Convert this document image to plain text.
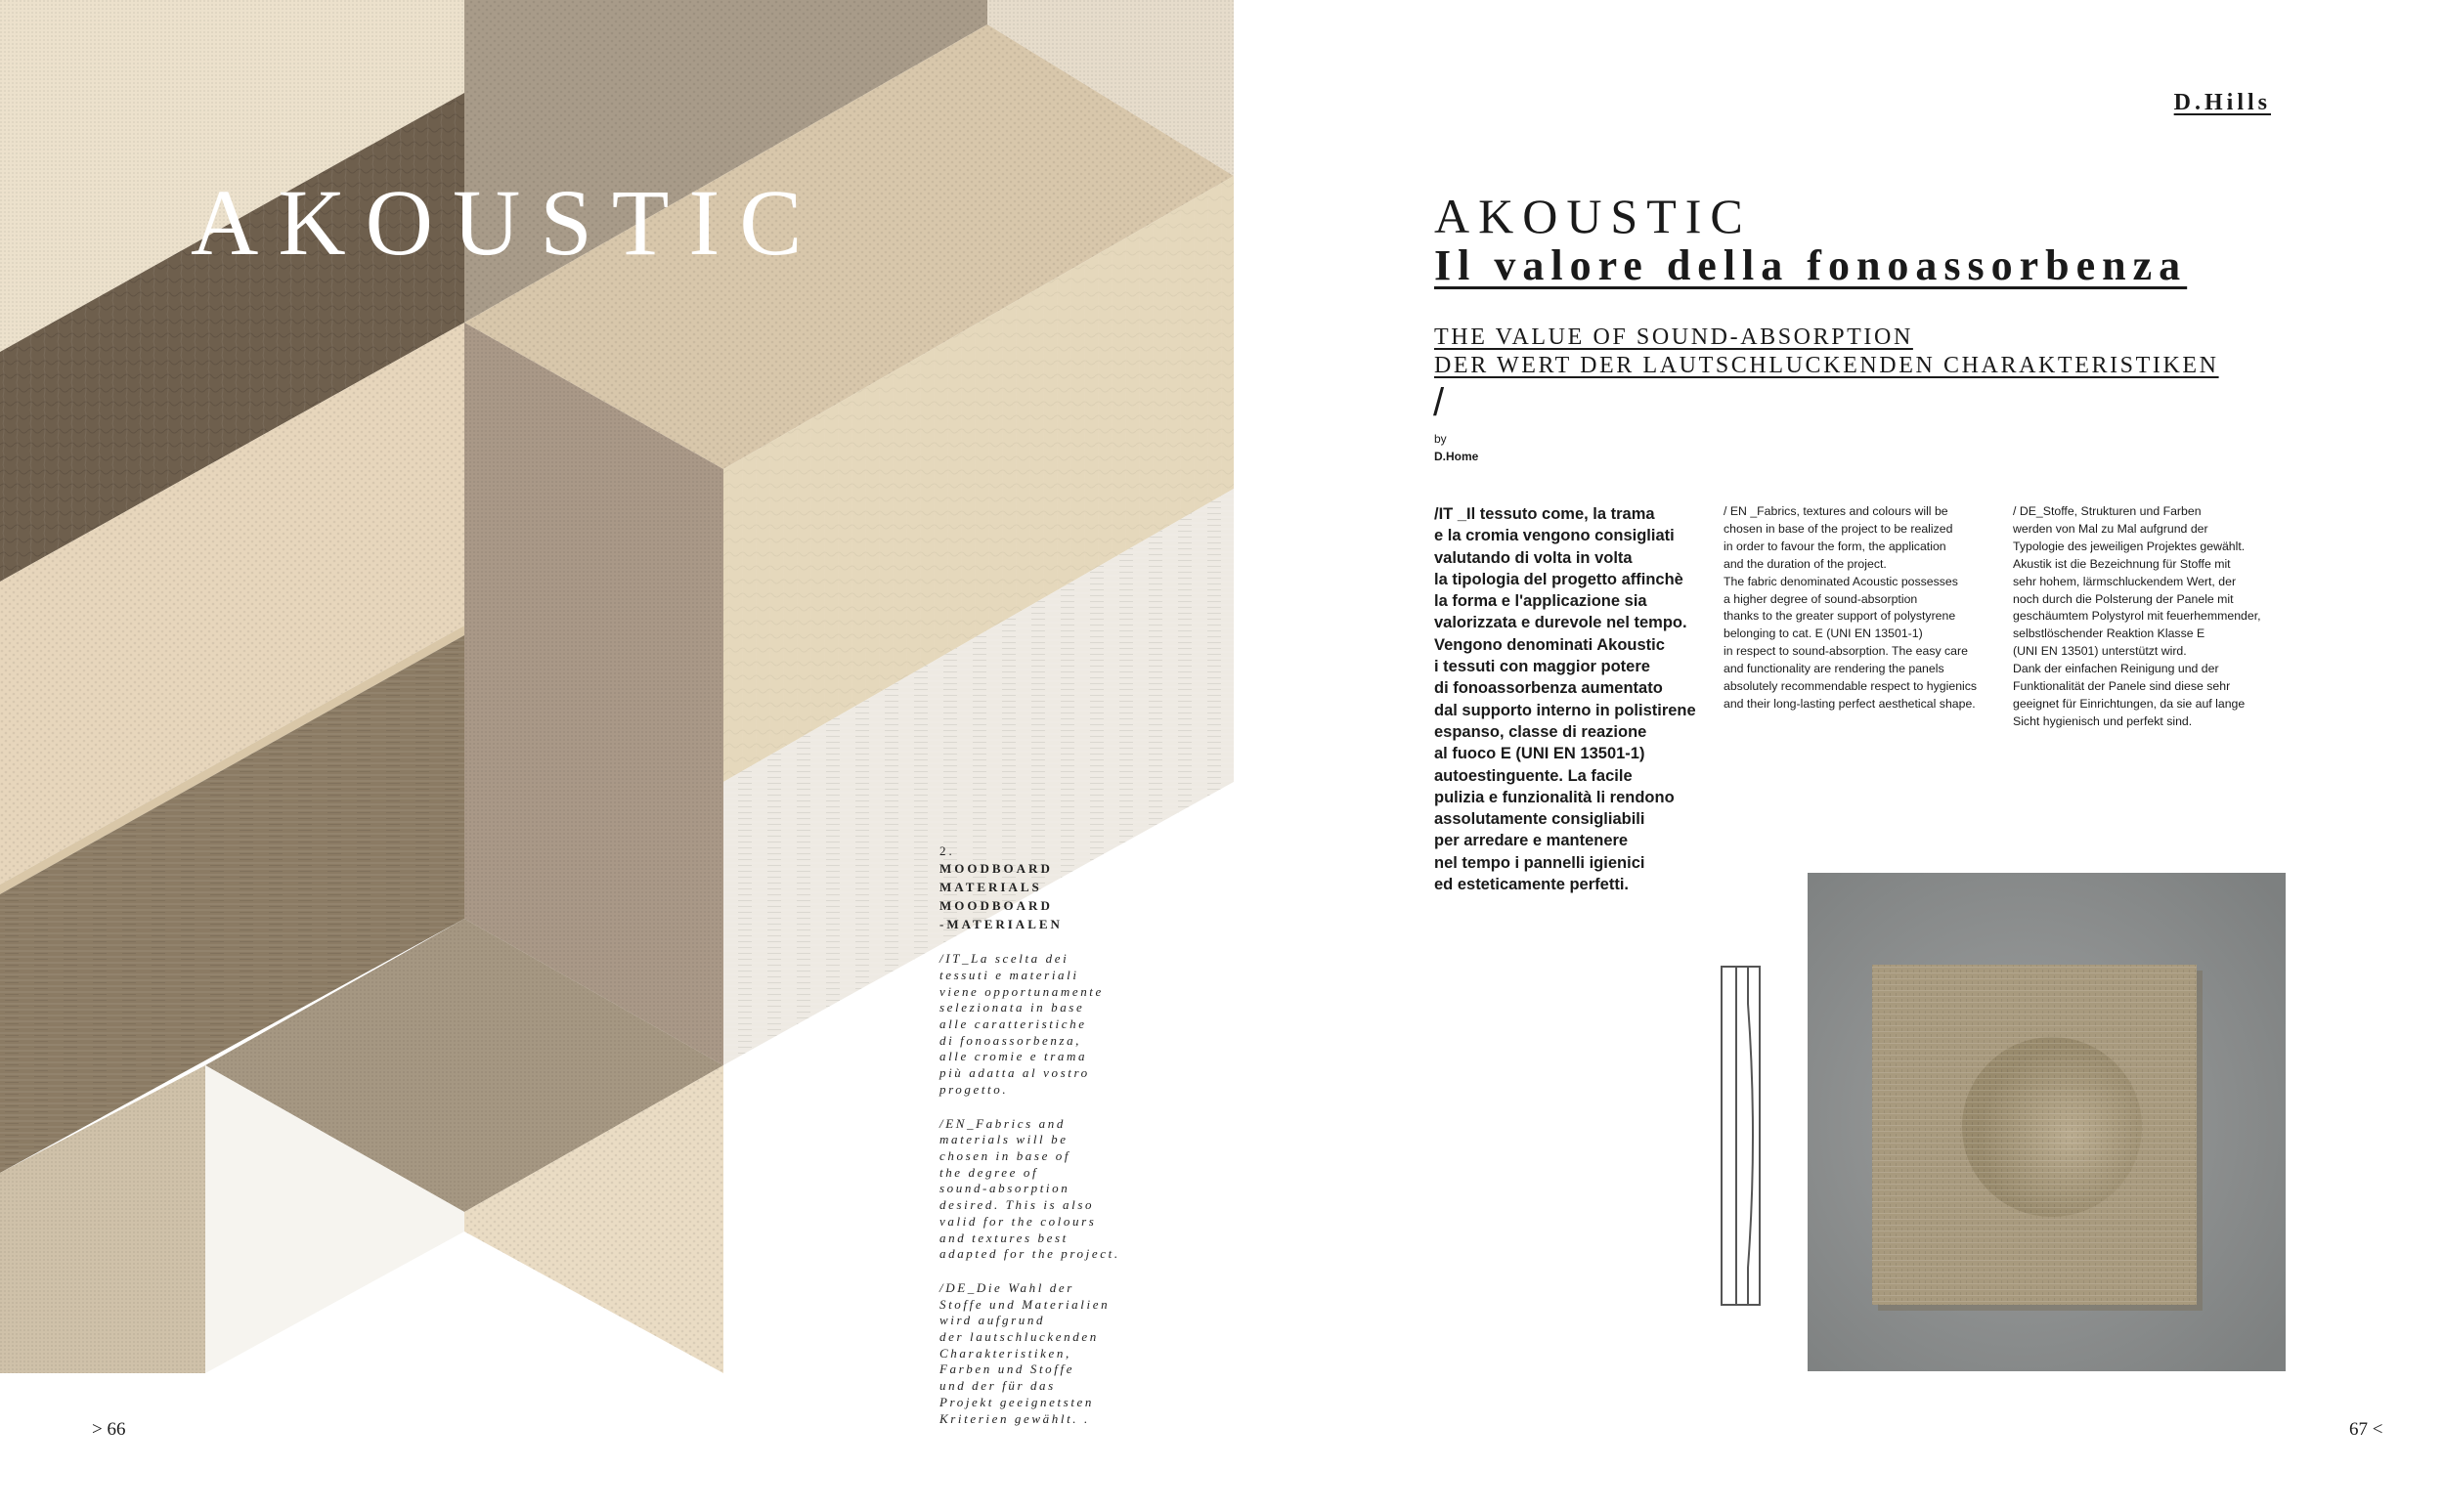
AKOUSTIC

2.

MOODBOARD
MATERIALS
MOODBOARD
-MATERIALEN

/IT_La scelta dei
tessuti e materiali
viene opportunamente
selezionata in base
alle caratteristiche
di fonoassorbenza,
alle cromie e trama
più adatta al vostro
progetto.

/EN_Fabrics and
materials will be
chosen in base of
the degree of
sound-absorption
desired. This is also
valid for the colours
and textures best
adapted for the project.

/DE_Die Wahl der
Stoffe und Materialien
wird aufgrund
der lautschluckenden
Charakteristiken,
Farben und Stoffe
und der für das
Projekt geeignetsten
Kriterien gewählt. .

> 66
D.Hills
AKOUSTIC
Il valore della fonoassorbenza
THE VALUE OF SOUND-ABSORPTION
DER WERT DER LAUTSCHLUCKENDEN CHARAKTERISTIKEN
/
by
D.Home

/IT _Il tessuto come, la trama
e la cromia vengono consigliati
valutando di volta in volta
la tipologia del progetto affinchè
la forma e l'applicazione sia
valorizzata e durevole nel tempo.
Vengono denominati Akoustic
i tessuti con maggior potere
di fonoassorbenza aumentato
dal supporto interno in polistirene
espanso, classe di reazione
al fuoco E (UNI EN 13501-1)
autoestinguente. La facile
pulizia e funzionalità li rendono
assolutamente consigliabili
per arredare e mantenere
nel tempo i pannelli igienici
ed esteticamente perfetti.

/ EN _Fabrics, textures and colours will be
chosen in base of the project to be realized
in order to favour the form, the application
and the duration of the project.
The fabric denominated Acoustic possesses
a higher degree of sound-absorption
thanks to the greater support of polystyrene
belonging to cat. E (UNI EN 13501-1)
in respect to sound-absorption. The easy care
and functionality are rendering the panels
absolutely recommendable respect to hygienics
and their long-lasting perfect aesthetical shape.

/ DE_Stoffe, Strukturen und Farben
werden von Mal zu Mal aufgrund der
Typologie des jeweiligen Projektes gewählt.
Akustik ist die Bezeichnung für Stoffe mit
sehr hohem, lärmschluckendem Wert, der
noch durch die Polsterung der Panele mit
geschäumtem Polystyrol mit feuerhemmender,
selbstlöschender Reaktion Klasse E
(UNI EN 13501) unterstützt wird.
Dank der einfachen Reinigung und der
Funktionalität der Panele sind diese sehr
geeignet für Einrichtungen, da sie auf lange
Sicht hygienisch und perfekt sind.

67 <
